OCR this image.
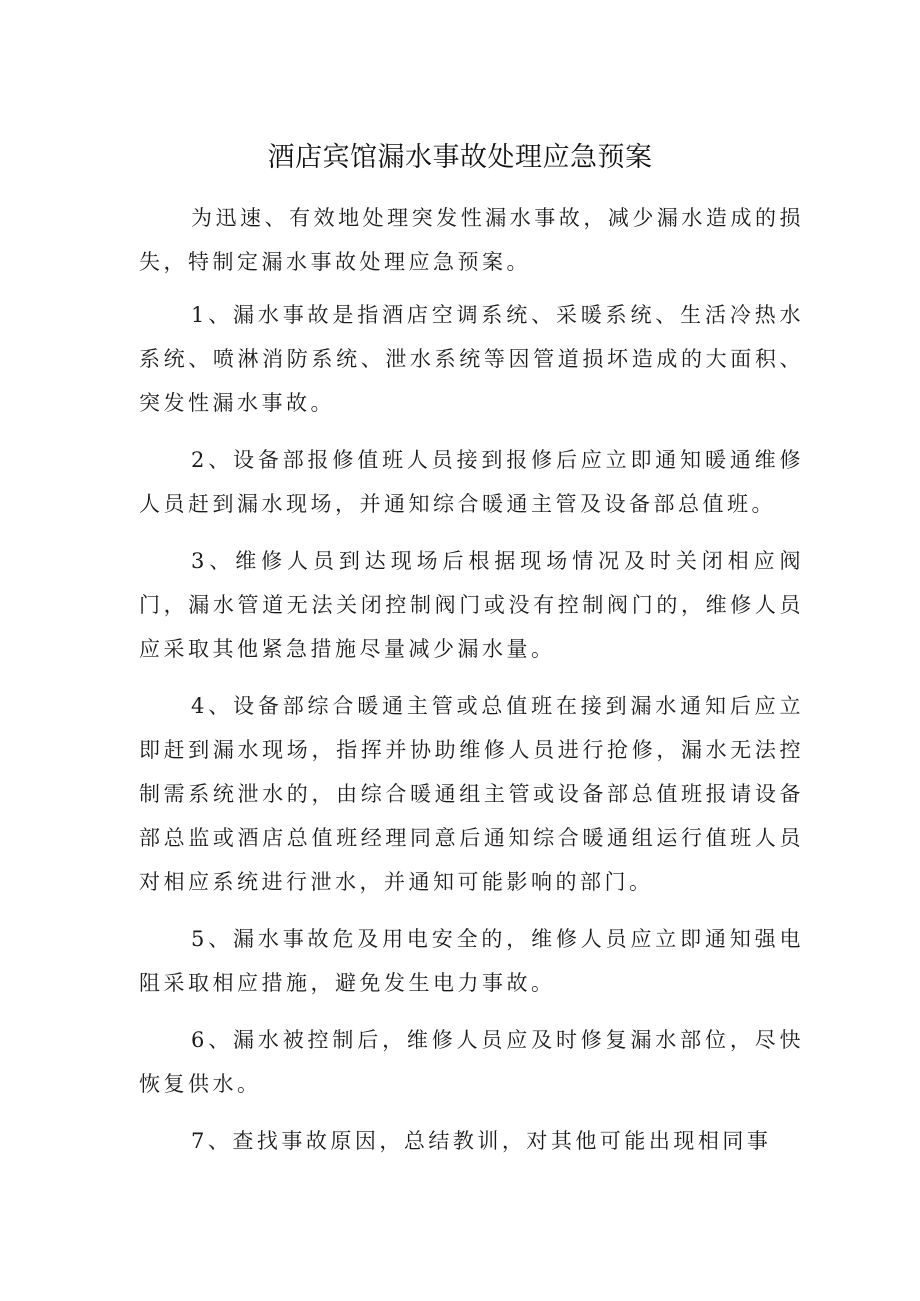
酒店宾馆漏水事故处理应急预案

为迅速、有效地处理突发性漏水事故，减少漏水造成的损失，特制定漏水事故处理应急预案。

1、漏水事故是指酒店空调系统、采暖系统、生活冷热水系统、喷淋消防系统、泄水系统等因管道损坏造成的大面积、突发性漏水事故。

2、设备部报修值班人员接到报修后应立即通知暖通维修人员赶到漏水现场，并通知综合暖通主管及设备部总值班。

3、维修人员到达现场后根据现场情况及时关闭相应阀门，漏水管道无法关闭控制阀门或没有控制阀门的，维修人员应采取其他紧急措施尽量减少漏水量。

4、设备部综合暖通主管或总值班在接到漏水通知后应立即赶到漏水现场，指挥并协助维修人员进行抢修，漏水无法控制需系统泄水的，由综合暖通组主管或设备部总值班报请设备部总监或酒店总值班经理同意后通知综合暖通组运行值班人员对相应系统进行泄水，并通知可能影响的部门。

5、漏水事故危及用电安全的，维修人员应立即通知强电阻采取相应措施，避免发生电力事故。

6、漏水被控制后，维修人员应及时修复漏水部位，尽快恢复供水。

7、查找事故原因，总结教训，对其他可能出现相同事
